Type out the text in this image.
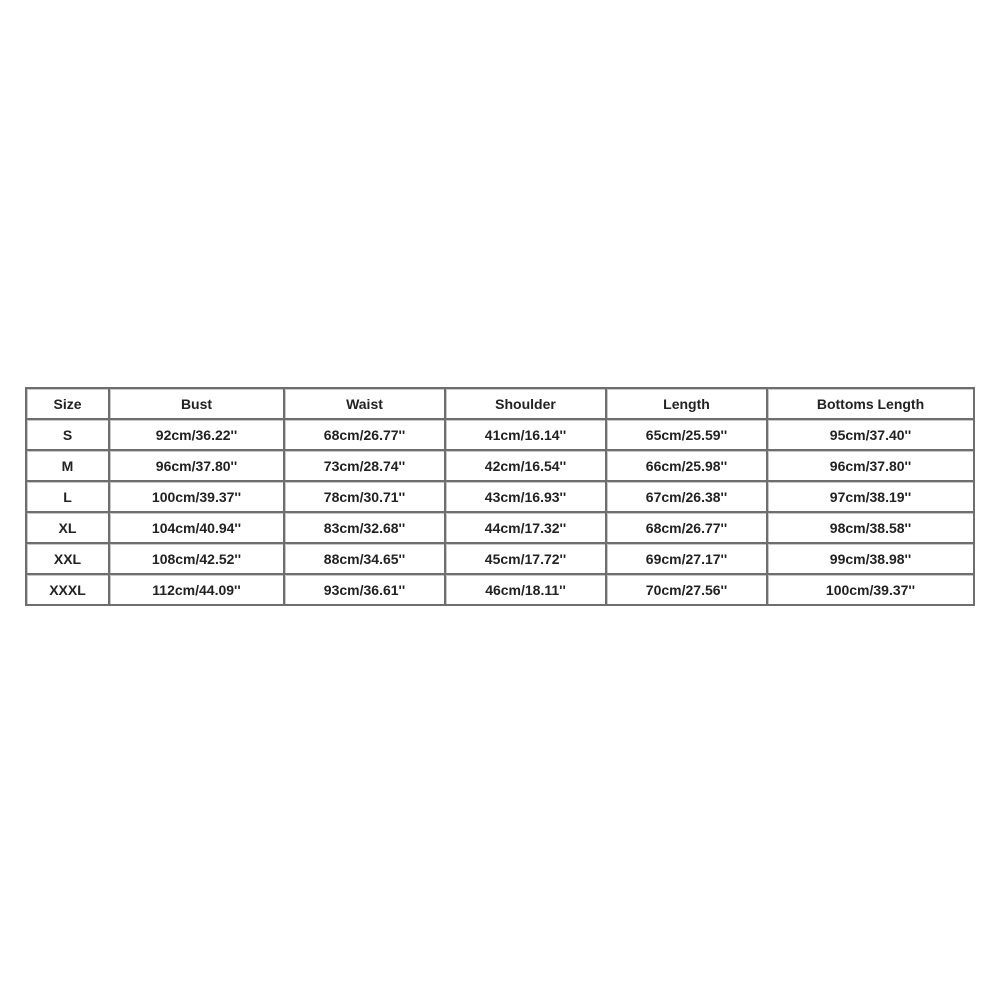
Size	Bust	Waist	Shoulder	Length	Bottoms Length
S	92cm/36.22''	68cm/26.77''	41cm/16.14''	65cm/25.59''	95cm/37.40''
M	96cm/37.80''	73cm/28.74''	42cm/16.54''	66cm/25.98''	96cm/37.80''
L	100cm/39.37''	78cm/30.71''	43cm/16.93''	67cm/26.38''	97cm/38.19''
XL	104cm/40.94''	83cm/32.68''	44cm/17.32''	68cm/26.77''	98cm/38.58''
XXL	108cm/42.52''	88cm/34.65''	45cm/17.72''	69cm/27.17''	99cm/38.98''
XXXL	112cm/44.09''	93cm/36.61''	46cm/18.11''	70cm/27.56''	100cm/39.37''
